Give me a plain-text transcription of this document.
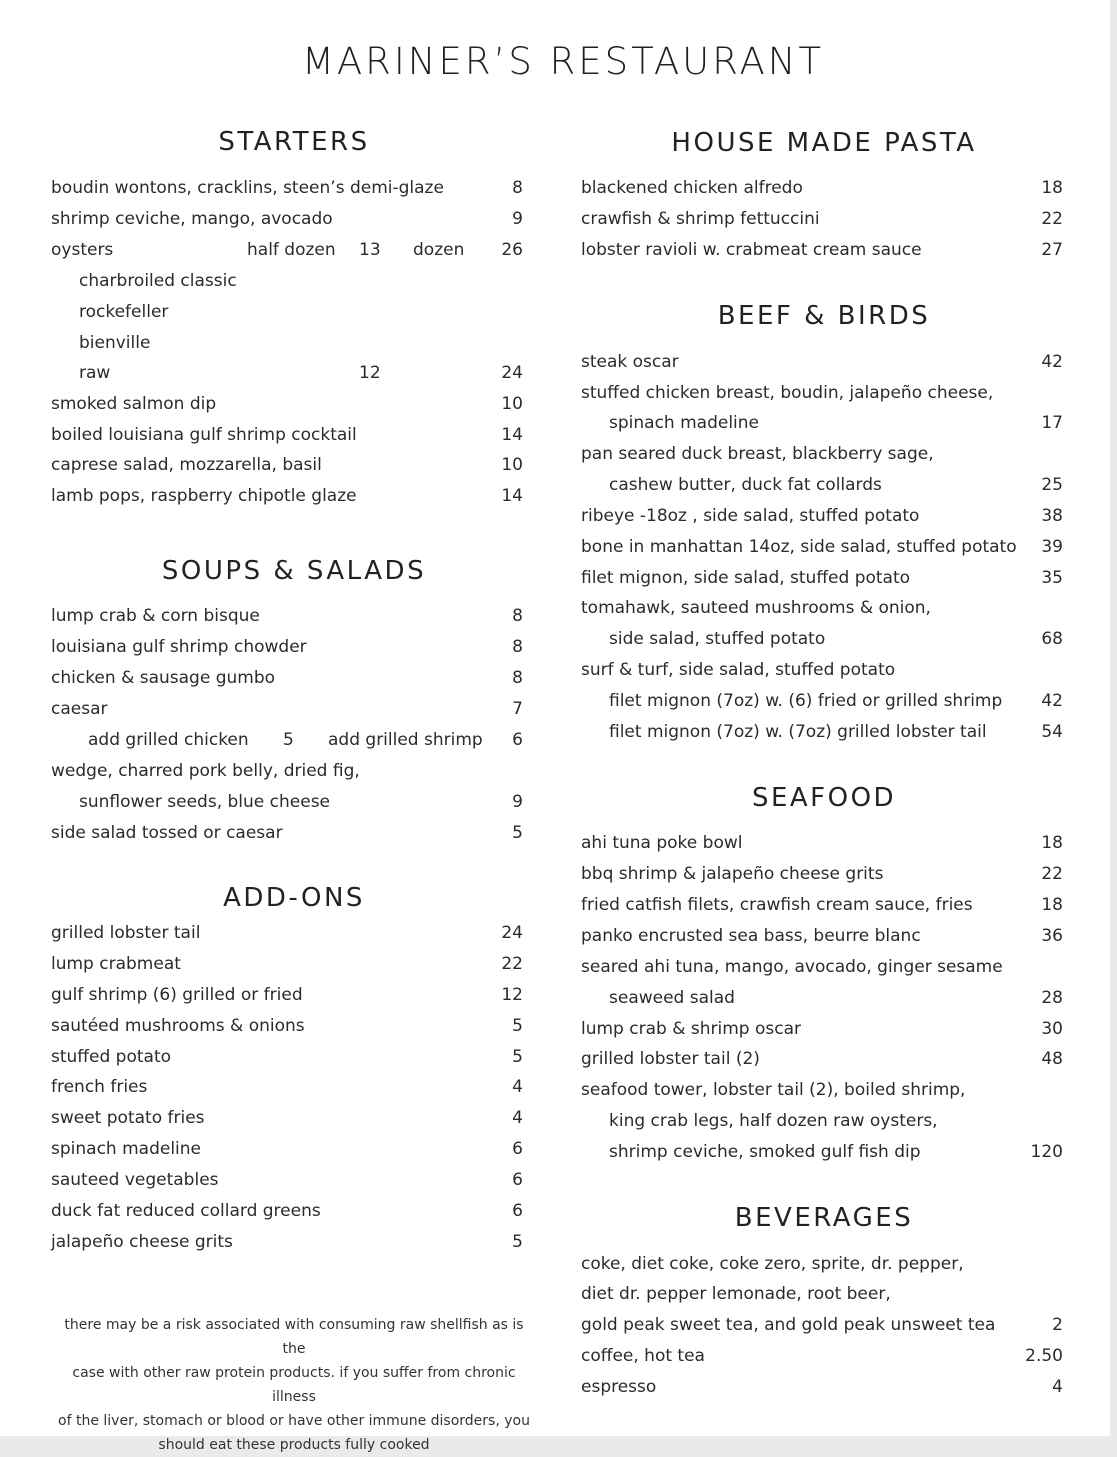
MARINER’S RESTAURANT
STARTERS
boudin wontons, cracklins, steen’s demi-glaze	8
shrimp ceviche, mango, avocado	9
oysters	half dozen 13 dozen 26
charbroiled classic
rockefeller
bienville
raw	12	24
smoked salmon dip	10
boiled louisiana gulf shrimp cocktail	14
caprese salad, mozzarella, basil	10
lamb pops, raspberry chipotle glaze	14
SOUPS & SALADS
lump crab & corn bisque	8
louisiana gulf shrimp chowder	8
chicken & sausage gumbo	8
caesar	7
add grilled chicken 5 add grilled shrimp 6
wedge, charred pork belly, dried fig,
sunflower seeds, blue cheese	9
side salad tossed or caesar	5
ADD-ONS
grilled lobster tail	24
lump crabmeat	22
gulf shrimp (6) grilled or fried	12
sautéed mushrooms & onions	5
stuffed potato	5
french fries	4
sweet potato fries	4
spinach madeline	6
sauteed vegetables	6
duck fat reduced collard greens	6
jalapeño cheese grits	5
there may be a risk associated with consuming raw shellfish as is the
case with other raw protein products. if you suffer from chronic illness
of the liver, stomach or blood or have other immune disorders, you
should eat these products fully cooked
HOUSE MADE PASTA
blackened chicken alfredo	18
crawfish & shrimp fettuccini	22
lobster ravioli w. crabmeat cream sauce	27
BEEF & BIRDS
steak oscar	42
stuffed chicken breast, boudin, jalapeño cheese,
spinach madeline	17
pan seared duck breast, blackberry sage,
cashew butter, duck fat collards	25
ribeye -18oz , side salad, stuffed potato	38
bone in manhattan 14oz, side salad, stuffed potato 39
filet mignon, side salad, stuffed potato	35
tomahawk, sauteed mushrooms & onion,
side salad, stuffed potato	68
surf & turf, side salad, stuffed potato
filet mignon (7oz) w. (6) fried or grilled shrimp 42
filet mignon (7oz) w. (7oz) grilled lobster tail	54
SEAFOOD
ahi tuna poke bowl	18
bbq shrimp & jalapeño cheese grits	22
fried catfish filets, crawfish cream sauce, fries	18
panko encrusted sea bass, beurre blanc	36
seared ahi tuna, mango, avocado, ginger sesame
seaweed salad	28
lump crab & shrimp oscar	30
grilled lobster tail (2)	48
seafood tower, lobster tail (2), boiled shrimp,
king crab legs, half dozen raw oysters,
shrimp ceviche, smoked gulf fish dip	120
BEVERAGES
coke, diet coke, coke zero, sprite, dr. pepper,
diet dr. pepper lemonade, root beer,
gold peak sweet tea, and gold peak unsweet tea	2
coffee, hot tea	2.50
espresso	4
